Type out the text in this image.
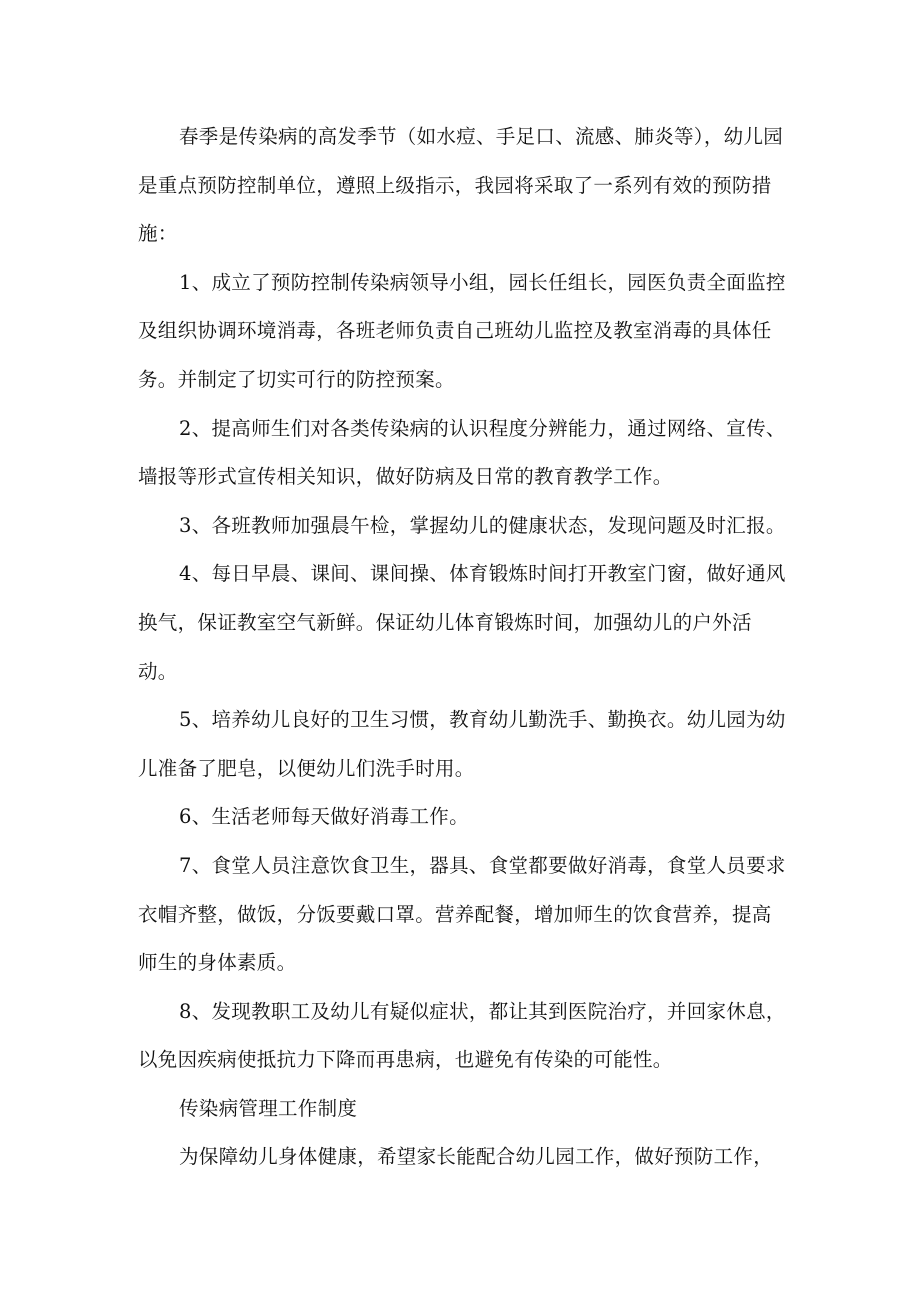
春季是传染病的高发季节（如水痘、手足口、流感、肺炎等），幼儿园是重点预防控制单位，遵照上级指示，我园将采取了一系列有效的预防措施：

1、成立了预防控制传染病领导小组，园长任组长，园医负责全面监控及组织协调环境消毒，各班老师负责自己班幼儿监控及教室消毒的具体任务。并制定了切实可行的防控预案。

2、提高师生们对各类传染病的认识程度分辨能力，通过网络、宣传、墙报等形式宣传相关知识，做好防病及日常的教育教学工作。

3、各班教师加强晨午检，掌握幼儿的健康状态，发现问题及时汇报。

4、每日早晨、课间、课间操、体育锻炼时间打开教室门窗，做好通风换气，保证教室空气新鲜。保证幼儿体育锻炼时间，加强幼儿的户外活动。

5、培养幼儿良好的卫生习惯，教育幼儿勤洗手、勤换衣。幼儿园为幼儿准备了肥皂，以便幼儿们洗手时用。

6、生活老师每天做好消毒工作。

7、食堂人员注意饮食卫生，器具、食堂都要做好消毒，食堂人员要求衣帽齐整，做饭，分饭要戴口罩。营养配餐，增加师生的饮食营养，提高师生的身体素质。

8、发现教职工及幼儿有疑似症状，都让其到医院治疗，并回家休息，以免因疾病使抵抗力下降而再患病，也避免有传染的可能性。

传染病管理工作制度

为保障幼儿身体健康，希望家长能配合幼儿园工作，做好预防工作，
